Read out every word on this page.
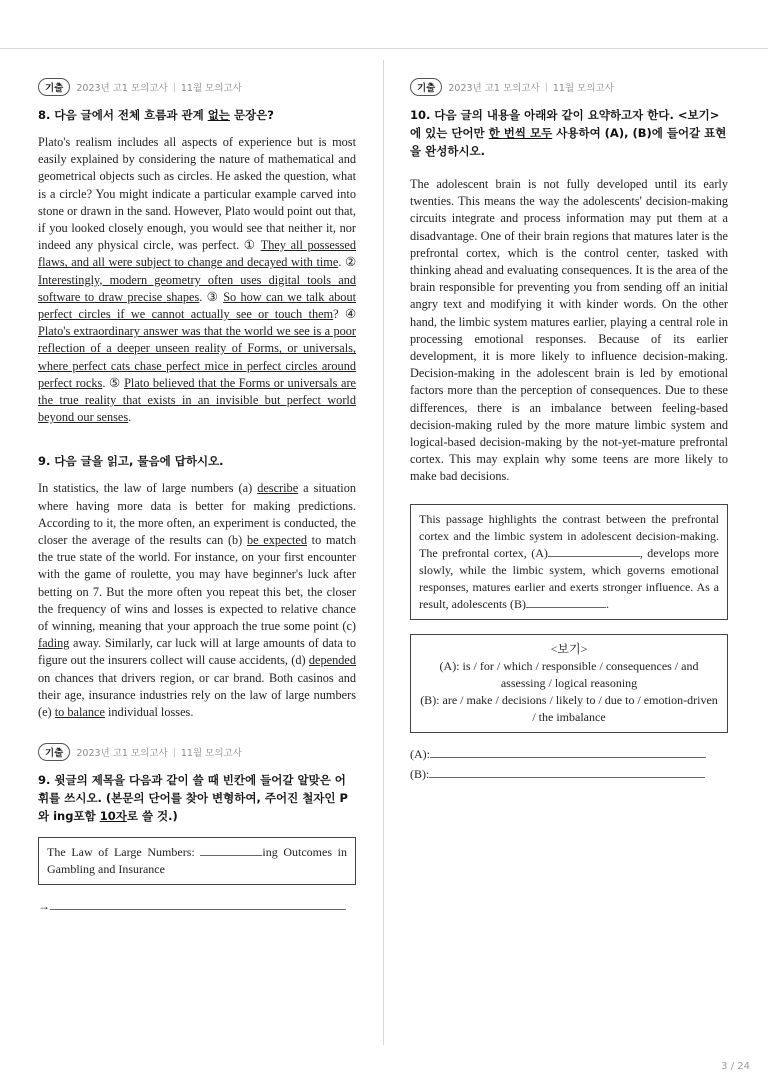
기출	2023년 고1 모의고사 | 11월 모의고사
8. 다음 글에서 전체 흐름과 관계 없는 문장은?

Plato's realism includes all aspects of experience but is most easily explained by considering the nature of mathematical and geometrical objects such as circles. He asked the question, what is a circle? You might indicate a particular example carved into stone or drawn in the sand. However, Plato would point out that, if you looked closely enough, you would see that neither it, nor indeed any physical circle, was perfect. ① They all possessed flaws, and all were subject to change and decayed with time. ② Interestingly, modern geometry often uses digital tools and software to draw precise shapes. ③ So how can we talk about perfect circles if we cannot actually see or touch them? ④ Plato's extraordinary answer was that the world we see is a poor reflection of a deeper unseen reality of Forms, or universals, where perfect cats chase perfect mice in perfect circles around perfect rocks. ⑤ Plato believed that the Forms or universals are the true reality that exists in an invisible but perfect world beyond our senses.

9. 다음 글을 읽고, 물음에 답하시오.

In statistics, the law of large numbers (a) describe a situation where having more data is better for making predictions. According to it, the more often, an experiment is conducted, the closer the average of the results can (b) be expected to match the true state of the world. For instance, on your first encounter with the game of roulette, you may have beginner's luck after betting on 7. But the more often you repeat this bet, the closer the frequency of wins and losses is expected to relative chance of winning, meaning that your approach the true some point (c) fading away. Similarly, car luck will at large amounts of data to figure out the insurers collect will cause accidents, (d) depended on chances that drivers region, or car brand. Both casinos and their age, insurance industries rely on the law of large numbers (e) to balance individual losses.

기출	2023년 고1 모의고사 | 11월 모의고사
9. 윗글의 제목을 다음과 같이 쓸 때 빈칸에 들어갈 알맞은 어휘를 쓰시오. (본문의 단어를 찾아 변형하여, 주어진 철자인 P와 ing포함 10자로 쓸 것.)
The Law of Large Numbers:	ing Outcomes in Gambling and Insurance
→
기출	2023년 고1 모의고사 | 11월 모의고사
10. 다음 글의 내용을 아래와 같이 요약하고자 한다. <보기>에 있는 단어만 한 번씩 모두 사용하여 (A), (B)에 들어갈 표현을 완성하시오.

The adolescent brain is not fully developed until its early twenties. This means the way the adolescents' decision-making circuits integrate and process information may put them at a disadvantage. One of their brain regions that matures later is the prefrontal cortex, which is the control center, tasked with thinking ahead and evaluating consequences. It is the area of the brain responsible for preventing you from sending off an initial angry text and modifying it with kinder words. On the other hand, the limbic system matures earlier, playing a central role in processing emotional responses. Because of its earlier development, it is more likely to influence decision-making. Decision-making in the adolescent brain is led by emotional factors more than the perception of consequences. Due to these differences, there is an imbalance between feeling-based decision-making ruled by the more mature limbic system and logical-based decision-making by the not-yet-mature prefrontal cortex. This may explain why some teens are more likely to make bad decisions.

This passage highlights the contrast between the prefrontal cortex and the limbic system in adolescent decision-making. The prefrontal cortex, (A)	, develops more slowly, while the limbic system, which governs emotional responses, matures earlier and exerts stronger influence. As a result, adolescents (B)	.
<보기>
(A): is / for / which / responsible / consequences / and assessing / logical reasoning
(B): are / make / decisions / likely to / due to / emotion-driven / the imbalance
(A):
(B):
3 / 24
